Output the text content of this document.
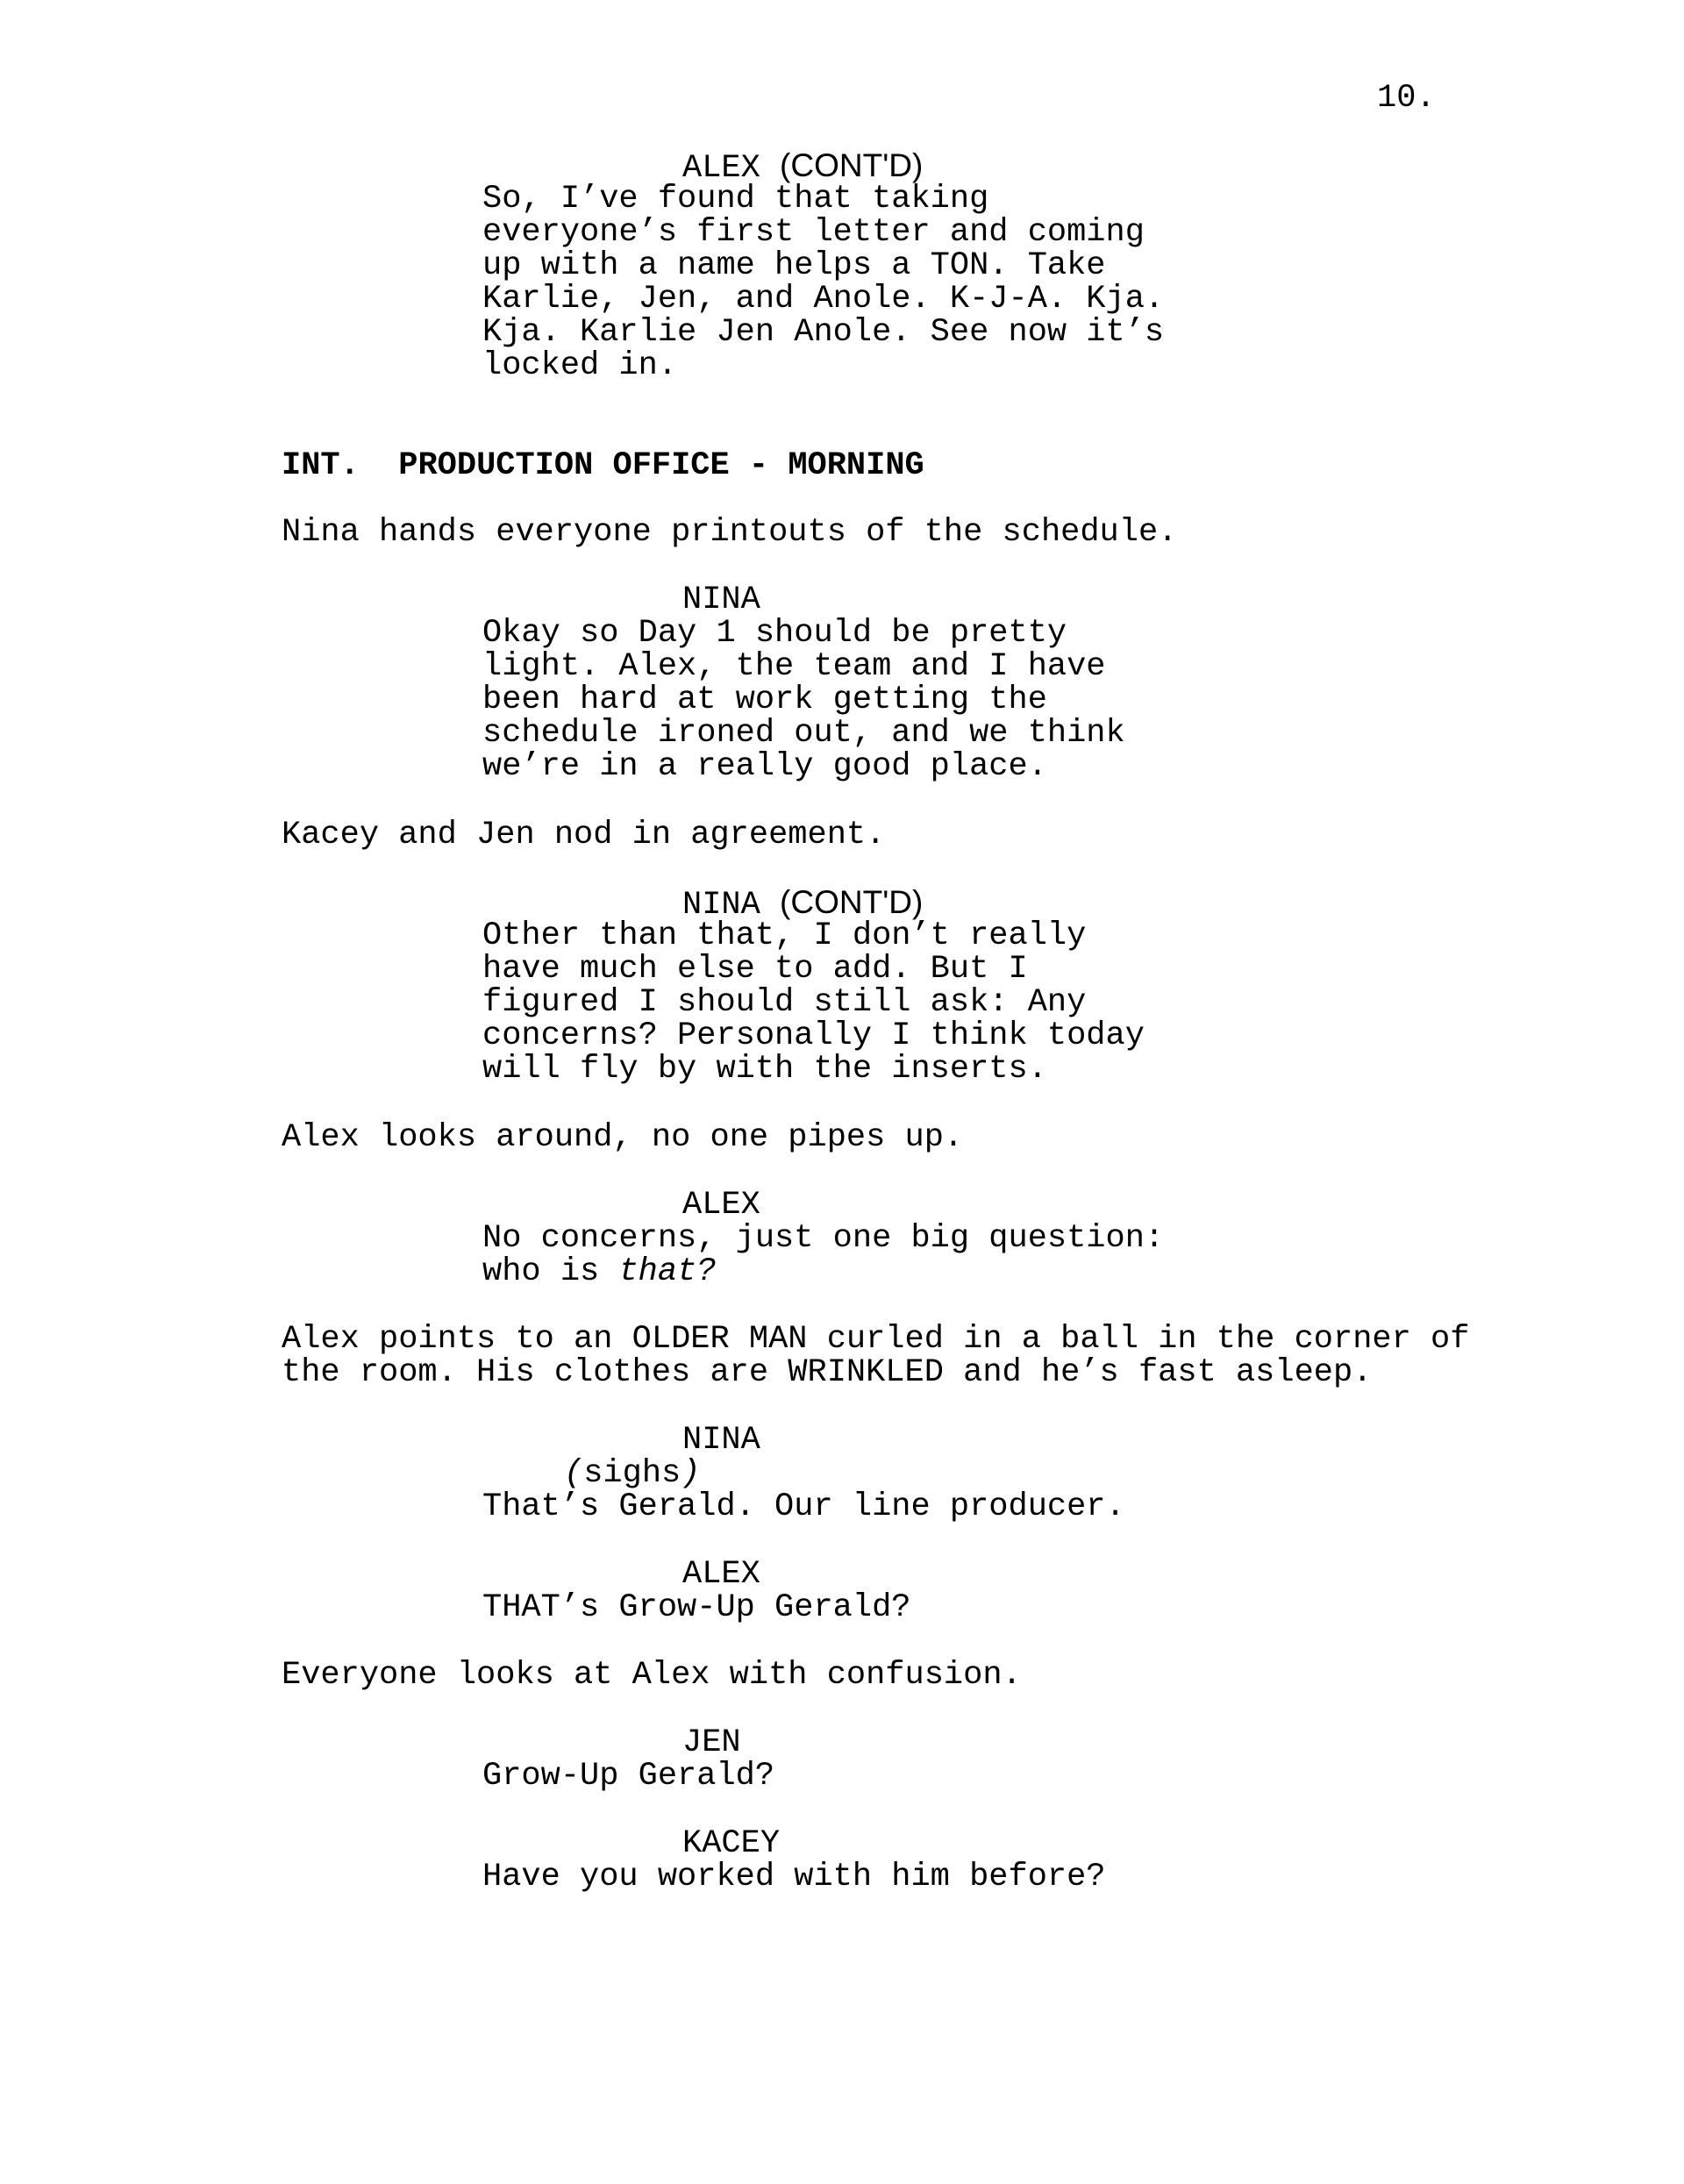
10.
ALEX (CONT'D)
So, I’ve found that taking
everyone’s first letter and coming
up with a name helps a TON. Take
Karlie, Jen, and Anole. K-J-A. Kja.
Kja. Karlie Jen Anole. See now it’s
locked in.
INT. PRODUCTION OFFICE - MORNING
Nina hands everyone printouts of the schedule.
NINA
Okay so Day 1 should be pretty
light. Alex, the team and I have
been hard at work getting the
schedule ironed out, and we think
we’re in a really good place.
Kacey and Jen nod in agreement.
NINA (CONT'D)
Other than that, I don’t really
have much else to add. But I
figured I should still ask: Any
concerns? Personally I think today
will fly by with the inserts.
Alex looks around, no one pipes up.
ALEX
No concerns, just one big question:
who is that?
Alex points to an OLDER MAN curled in a ball in the corner of
the room. His clothes are WRINKLED and he’s fast asleep.
NINA
(sighs)
That’s Gerald. Our line producer.
ALEX
THAT’s Grow-Up Gerald?
Everyone looks at Alex with confusion.
JEN
Grow-Up Gerald?
KACEY
Have you worked with him before?
